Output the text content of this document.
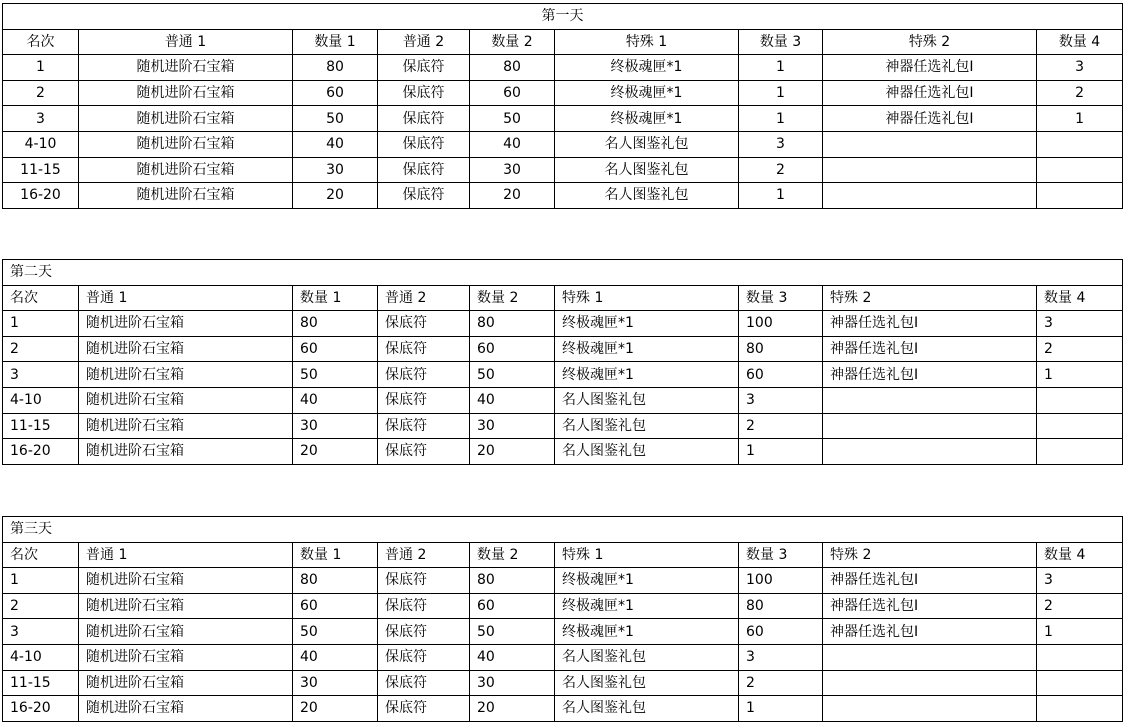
第一天								
名次	普通 1	数量 1	普通 2	数量 2	特殊 1	数量 3	特殊 2	数量 4
1	随机进阶石宝箱	80	保底符	80	终极魂匣*1	1	神器任选礼包Ⅰ	3
2	随机进阶石宝箱	60	保底符	60	终极魂匣*1	1	神器任选礼包Ⅰ	2
3	随机进阶石宝箱	50	保底符	50	终极魂匣*1	1	神器任选礼包Ⅰ	1
4-10	随机进阶石宝箱	40	保底符	40	名人图鉴礼包	3		
11-15	随机进阶石宝箱	30	保底符	30	名人图鉴礼包	2		
16-20	随机进阶石宝箱	20	保底符	20	名人图鉴礼包	1		
第二天								
名次	普通 1	数量 1	普通 2	数量 2	特殊 1	数量 3	特殊 2	数量 4
1	随机进阶石宝箱	80	保底符	80	终极魂匣*1	100	神器任选礼包Ⅰ	3
2	随机进阶石宝箱	60	保底符	60	终极魂匣*1	80	神器任选礼包Ⅰ	2
3	随机进阶石宝箱	50	保底符	50	终极魂匣*1	60	神器任选礼包Ⅰ	1
4-10	随机进阶石宝箱	40	保底符	40	名人图鉴礼包	3		
11-15	随机进阶石宝箱	30	保底符	30	名人图鉴礼包	2		
16-20	随机进阶石宝箱	20	保底符	20	名人图鉴礼包	1		
第三天								
名次	普通 1	数量 1	普通 2	数量 2	特殊 1	数量 3	特殊 2	数量 4
1	随机进阶石宝箱	80	保底符	80	终极魂匣*1	100	神器任选礼包Ⅰ	3
2	随机进阶石宝箱	60	保底符	60	终极魂匣*1	80	神器任选礼包Ⅰ	2
3	随机进阶石宝箱	50	保底符	50	终极魂匣*1	60	神器任选礼包Ⅰ	1
4-10	随机进阶石宝箱	40	保底符	40	名人图鉴礼包	3		
11-15	随机进阶石宝箱	30	保底符	30	名人图鉴礼包	2		
16-20	随机进阶石宝箱	20	保底符	20	名人图鉴礼包	1		
